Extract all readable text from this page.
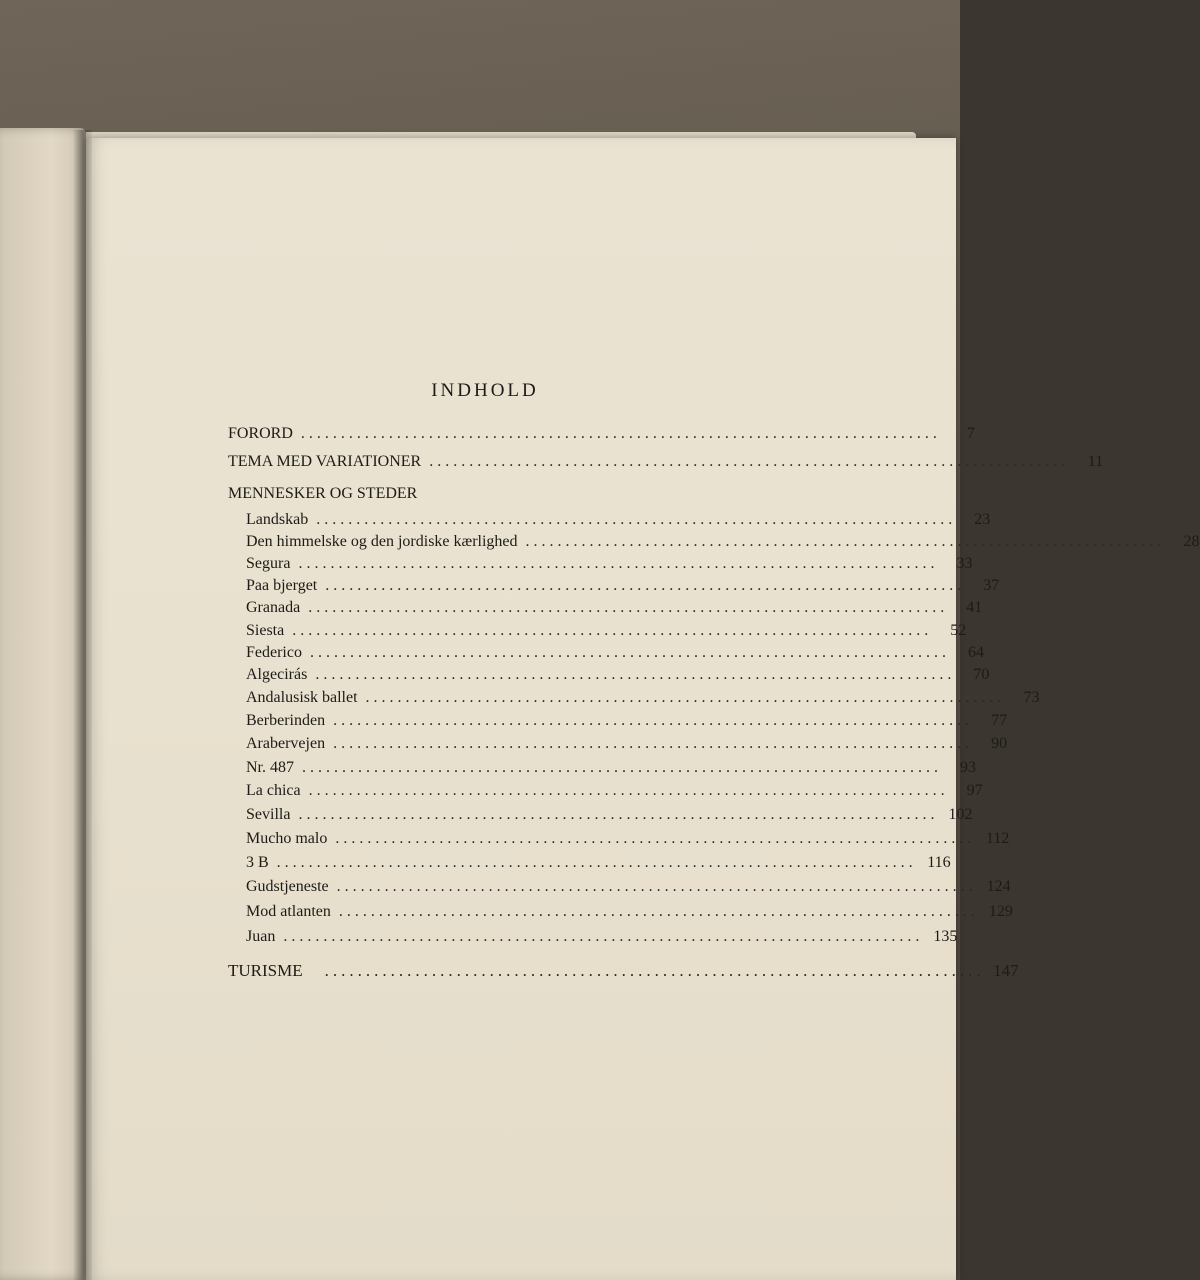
INDHOLD
FORORD ................................................................................	7
TEMA MED VARIATIONER ................................................................................	11
MENNESKER OG STEDER
Landskab ................................................................................	23
Den himmelske og den jordiske kærlighed ................................................................................	28
Segura ................................................................................	33
Paa bjerget ................................................................................	37
Granada ................................................................................	41
Siesta ................................................................................	52
Federico ................................................................................	64
Algecirás ................................................................................	70
Andalusisk ballet ................................................................................	73
Berberinden ................................................................................	77
Arabervejen ................................................................................	90
Nr. 487 ................................................................................	93
La chica ................................................................................	97
Sevilla ................................................................................ 102
Mucho malo ................................................................................ 112
3 B ................................................................................ 116
Gudstjeneste ................................................................................ 124
Mod atlanten ................................................................................ 129
Juan ................................................................................ 135
TURISME	................................................................................ 147
